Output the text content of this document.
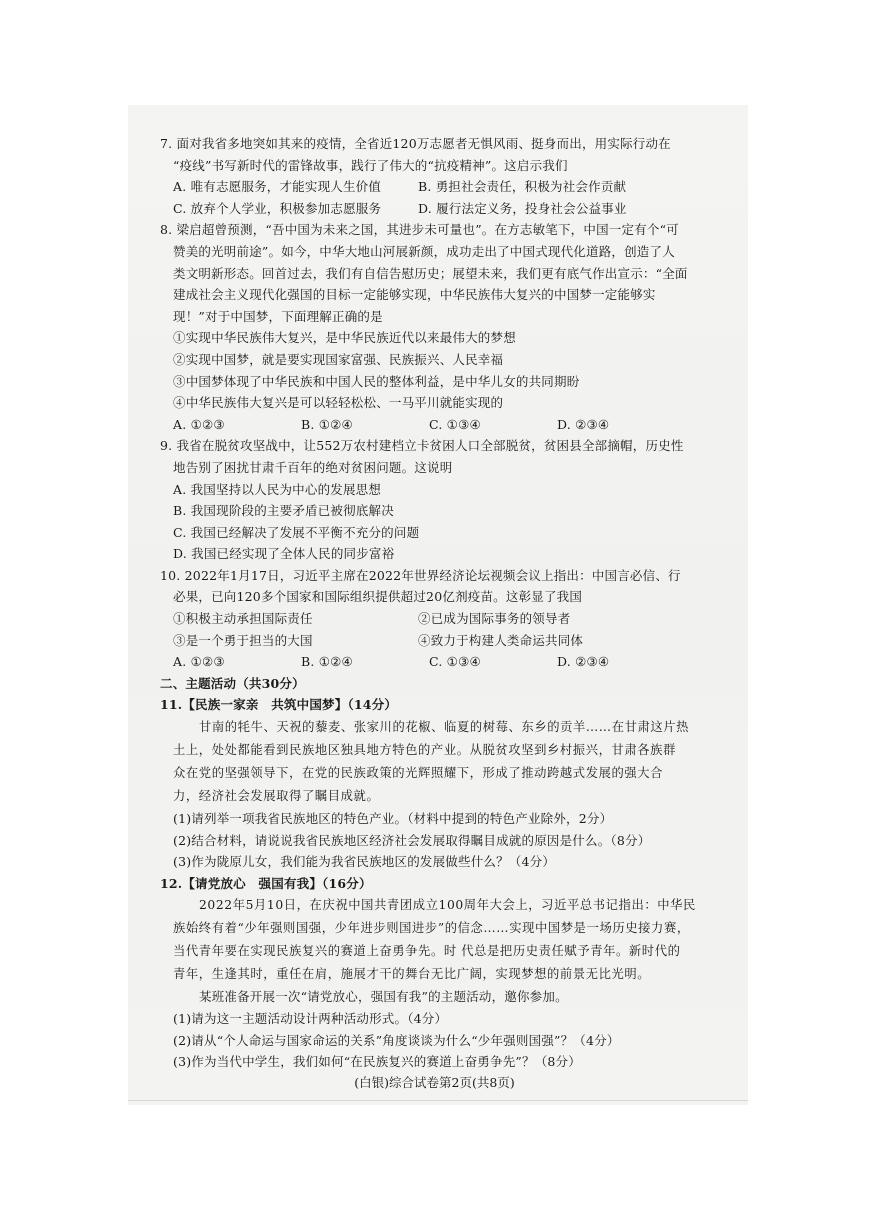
7. 面对我省多地突如其来的疫情，全省近120万志愿者无惧风雨、挺身而出，用实际行动在
“疫线”书写新时代的雷锋故事，践行了伟大的“抗疫精神”。这启示我们
A. 唯有志愿服务，才能实现人生价值	B. 勇担社会责任，积极为社会作贡献
C. 放弃个人学业，积极参加志愿服务	D. 履行法定义务，投身社会公益事业
8. 梁启超曾预测，“吾中国为未来之国，其进步未可量也”。在方志敏笔下，中国一定有个“可
赞美的光明前途”。如今，中华大地山河展新颜，成功走出了中国式现代化道路，创造了人
类文明新形态。回首过去，我们有自信告慰历史；展望未来，我们更有底气作出宣示：“全面
建成社会主义现代化强国的目标一定能够实现，中华民族伟大复兴的中国梦一定能够实
现！”对于中国梦，下面理解正确的是
①实现中华民族伟大复兴，是中华民族近代以来最伟大的梦想
②实现中国梦，就是要实现国家富强、民族振兴、人民幸福
③中国梦体现了中华民族和中国人民的整体利益，是中华儿女的共同期盼
④中华民族伟大复兴是可以轻轻松松、一马平川就能实现的
A. ①②③	B. ①②④	C. ①③④	D. ②③④
9. 我省在脱贫攻坚战中，让552万农村建档立卡贫困人口全部脱贫，贫困县全部摘帽，历史性
地告别了困扰甘肃千百年的绝对贫困问题。这说明
A. 我国坚持以人民为中心的发展思想
B. 我国现阶段的主要矛盾已被彻底解决
C. 我国已经解决了发展不平衡不充分的问题
D. 我国已经实现了全体人民的同步富裕
10. 2022年1月17日，习近平主席在2022年世界经济论坛视频会议上指出：中国言必信、行
必果，已向120多个国家和国际组织提供超过20亿剂疫苗。这彰显了我国
①积极主动承担国际责任	②已成为国际事务的领导者
③是一个勇于担当的大国	④致力于构建人类命运共同体
A. ①②③	B. ①②④	C. ①③④	D. ②③④
二、主题活动（共30分）
11.【民族一家亲　共筑中国梦】（14分）
甘南的牦牛、天祝的藜麦、张家川的花椒、临夏的树莓、东乡的贡羊……在甘肃这片热
土上，处处都能看到民族地区独具地方特色的产业。从脱贫攻坚到乡村振兴，甘肃各族群
众在党的坚强领导下，在党的民族政策的光辉照耀下，形成了推动跨越式发展的强大合
力，经济社会发展取得了瞩目成就。
(1)请列举一项我省民族地区的特色产业。（材料中提到的特色产业除外，2分）
(2)结合材料，请说说我省民族地区经济社会发展取得瞩目成就的原因是什么。（8分）
(3)作为陇原儿女，我们能为我省民族地区的发展做些什么？（4分）
12.【请党放心　强国有我】（16分）
2022年5月10日，在庆祝中国共青团成立100周年大会上，习近平总书记指出：中华民
族始终有着“少年强则国强，少年进步则国进步”的信念……实现中国梦是一场历史接力赛，
当代青年要在实现民族复兴的赛道上奋勇争先。时 代总是把历史责任赋予青年。新时代的
青年，生逢其时，重任在肩，施展才干的舞台无比广阔，实现梦想的前景无比光明。
某班准备开展一次“请党放心，强国有我”的主题活动，邀你参加。
(1)请为这一主题活动设计两种活动形式。（4分）
(2)请从“个人命运与国家命运的关系”角度谈谈为什么“少年强则国强”？（4分）
(3)作为当代中学生，我们如何“在民族复兴的赛道上奋勇争先”？（8分）
(白银)综合试卷第2页(共8页)
